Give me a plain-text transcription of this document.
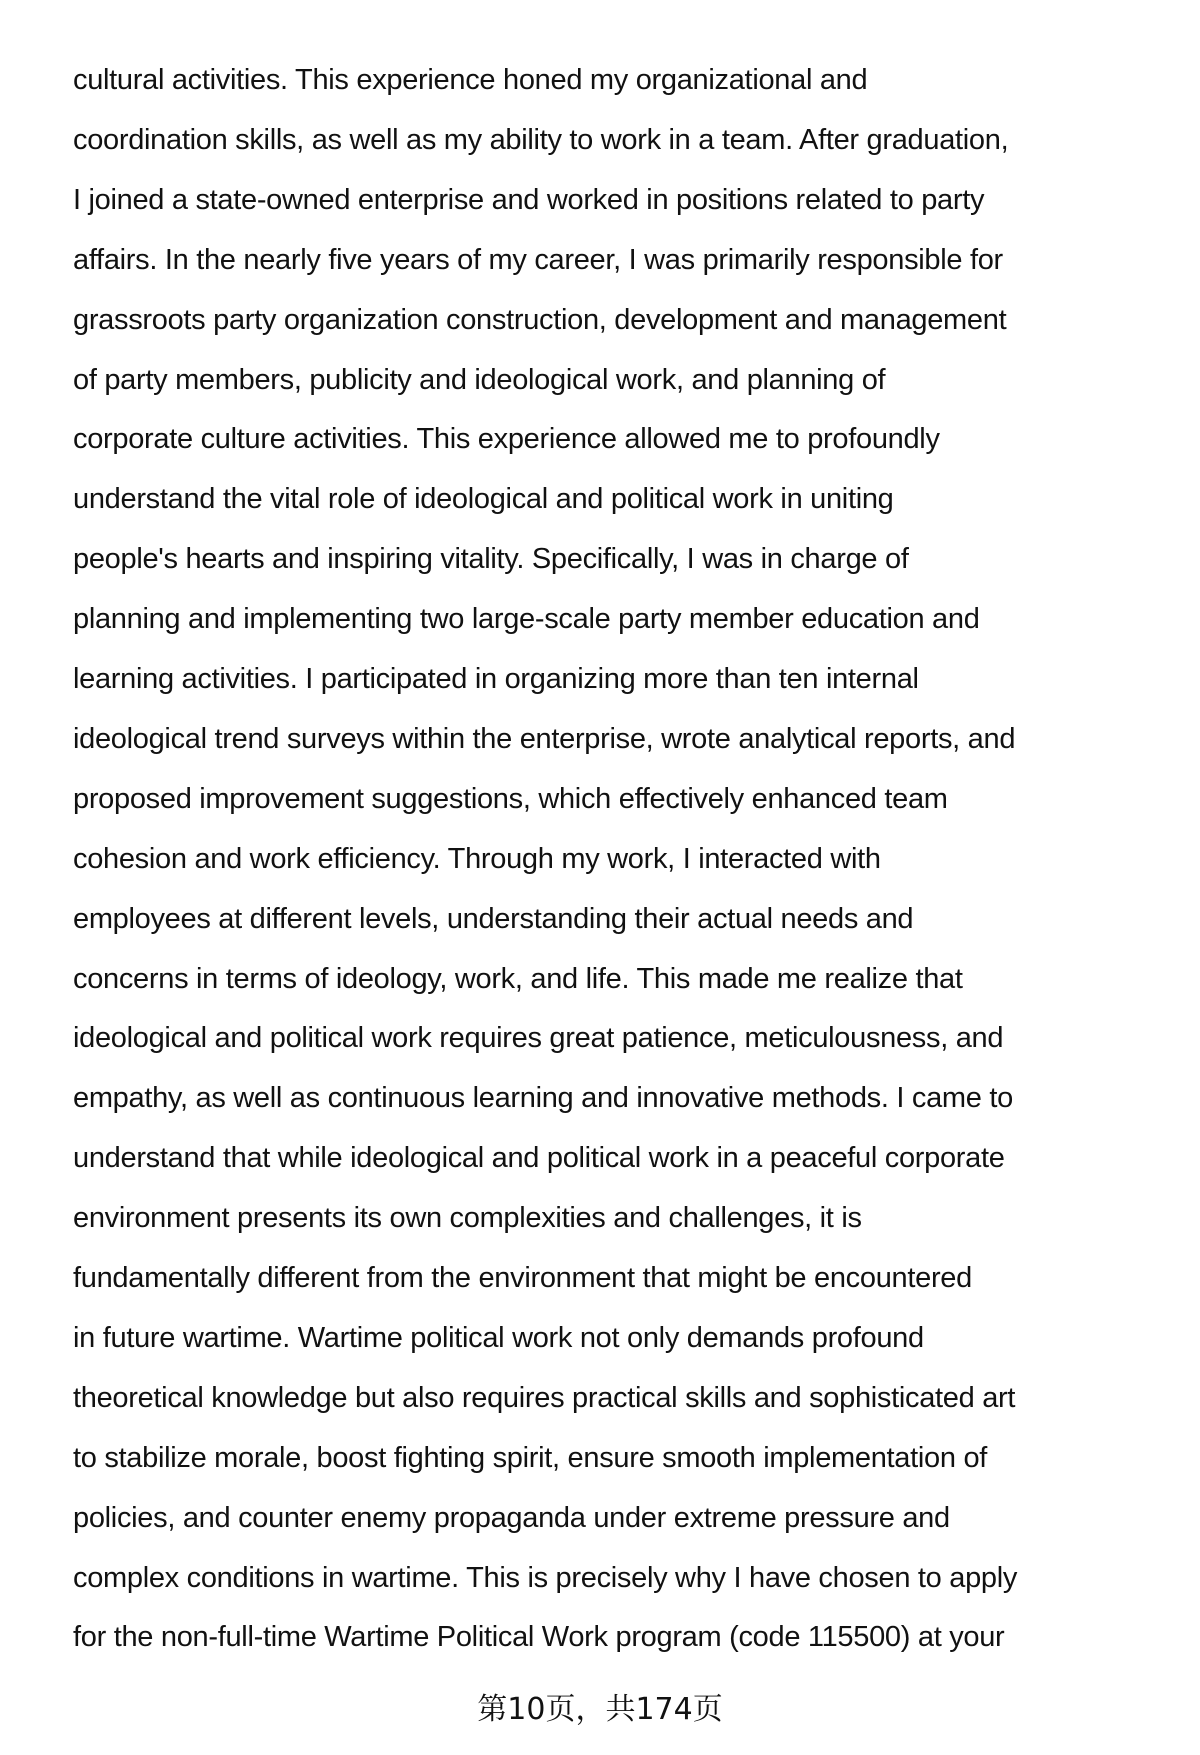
cultural activities. This experience honed my organizational and
coordination skills, as well as my ability to work in a team. After graduation,
I joined a state-owned enterprise and worked in positions related to party
affairs. In the nearly five years of my career, I was primarily responsible for
grassroots party organization construction, development and management
of party members, publicity and ideological work, and planning of
corporate culture activities. This experience allowed me to profoundly
understand the vital role of ideological and political work in uniting
people's hearts and inspiring vitality. Specifically, I was in charge of
planning and implementing two large-scale party member education and
learning activities. I participated in organizing more than ten internal
ideological trend surveys within the enterprise, wrote analytical reports, and
proposed improvement suggestions, which effectively enhanced team
cohesion and work efficiency. Through my work, I interacted with
employees at different levels, understanding their actual needs and
concerns in terms of ideology, work, and life. This made me realize that
ideological and political work requires great patience, meticulousness, and
empathy, as well as continuous learning and innovative methods. I came to
understand that while ideological and political work in a peaceful corporate
environment presents its own complexities and challenges, it is
fundamentally different from the environment that might be encountered
in future wartime. Wartime political work not only demands profound
theoretical knowledge but also requires practical skills and sophisticated art
to stabilize morale, boost fighting spirit, ensure smooth implementation of
policies, and counter enemy propaganda under extreme pressure and
complex conditions in wartime. This is precisely why I have chosen to apply
for the non-full-time Wartime Political Work program (code 115500) at your
第10页，共174页
